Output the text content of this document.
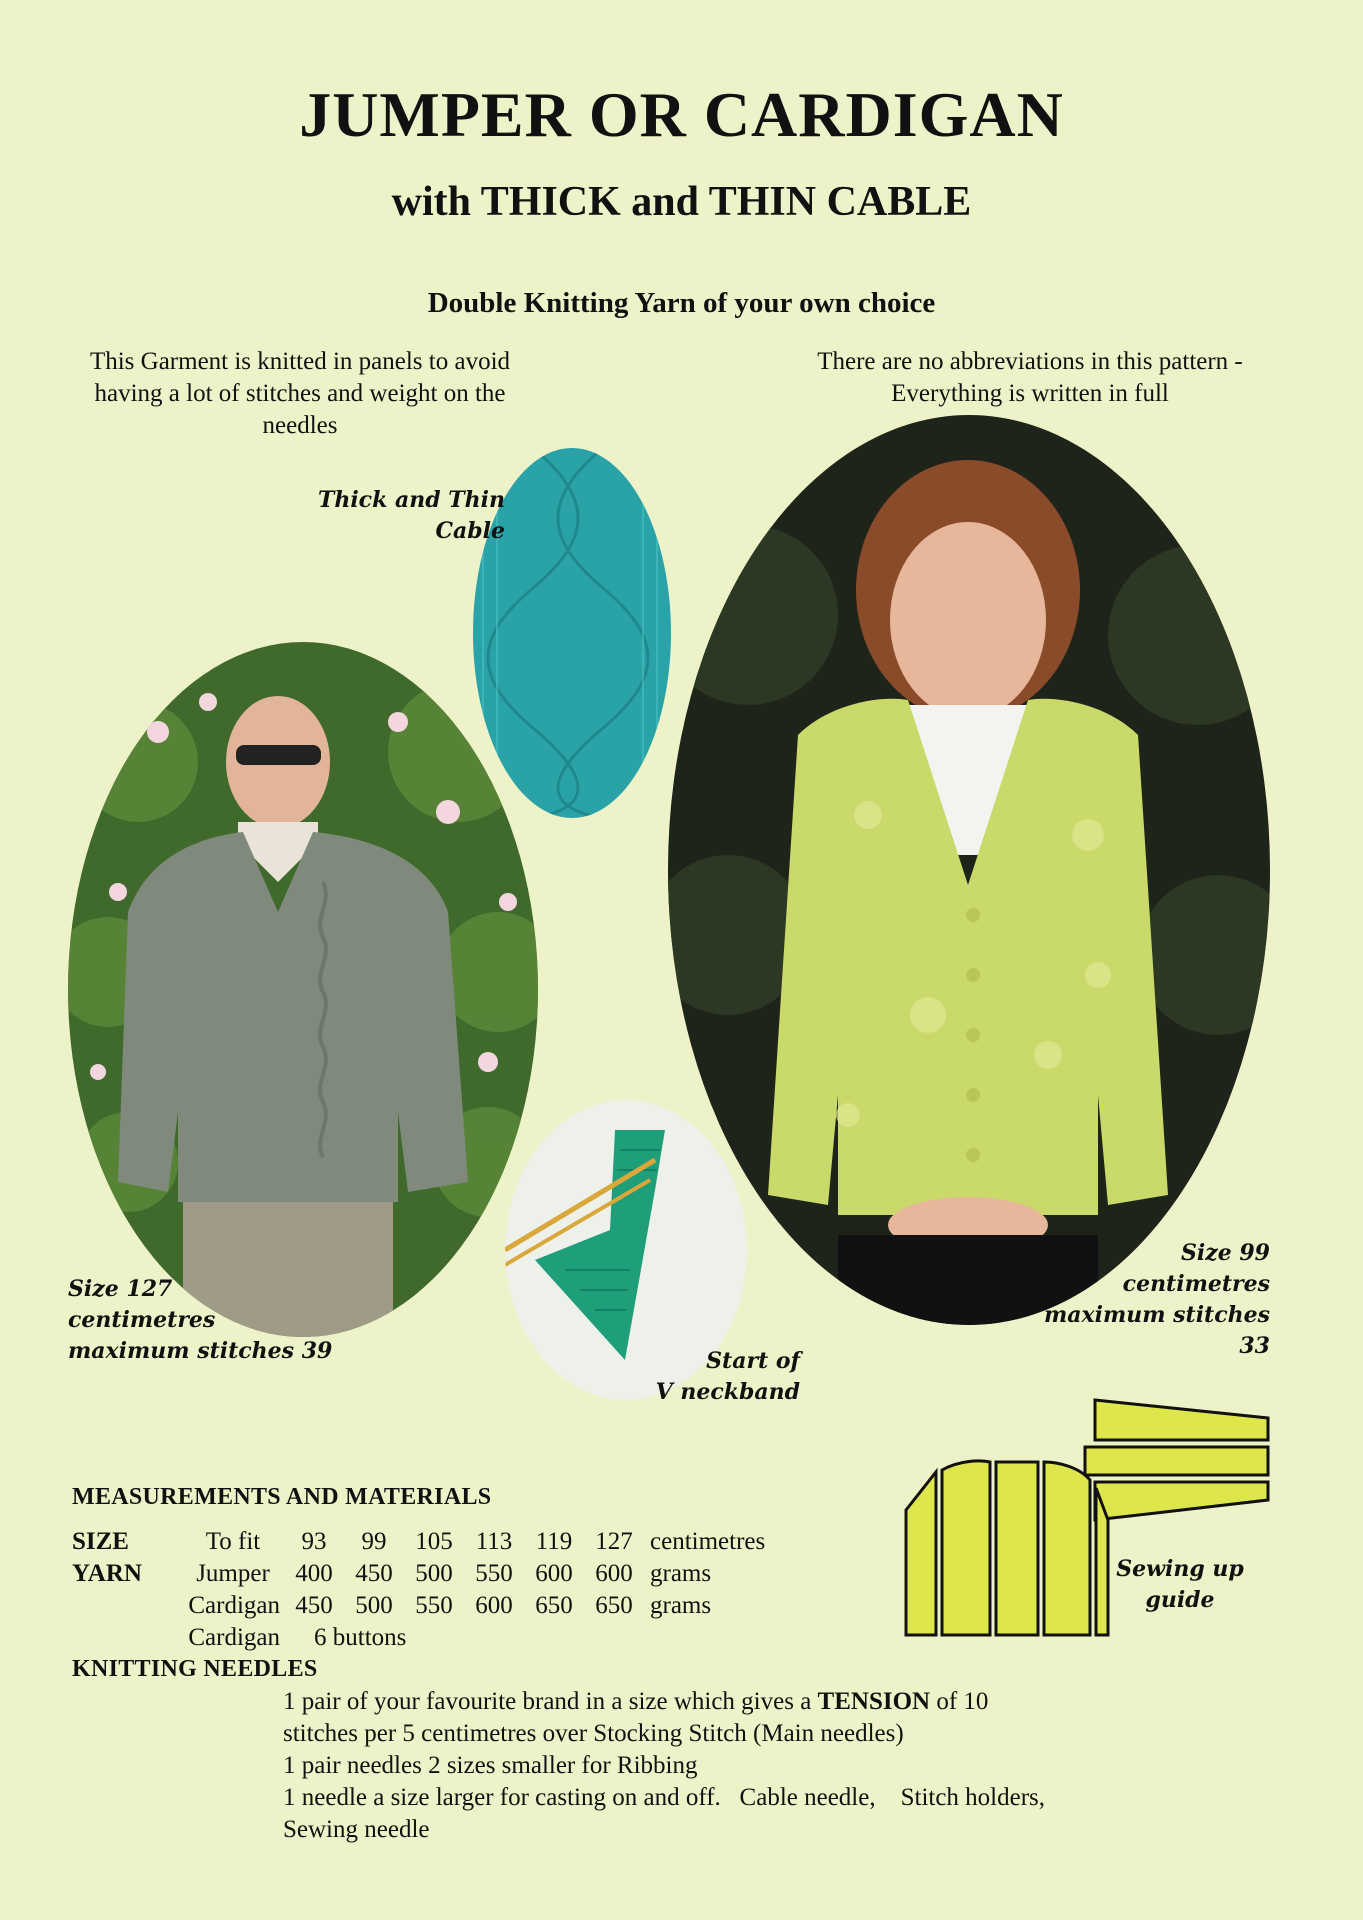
JUMPER OR CARDIGAN
with THICK and THIN CABLE
Double Knitting Yarn of your own choice
This Garment is knitted in panels to avoid
having a lot of stitches and weight on the
needles
There are no abbreviations in this pattern -
Everything is written in full
Thick and Thin
Cable
Size 127
centimetres
maximum stitches 39
Size 99
centimetres
maximum stitches 33
Start of
V neckband
Sewing up
guide
MEASUREMENTS AND MATERIALS
SIZE	To fit	93	99	105	113	119	127	centimetres
YARN	Jumper	400	450	500	550	600	600	grams
	Cardigan	450	500	550	600	650	650	grams
	Cardigan	6 buttons						
KNITTING NEEDLES
1 pair of your favourite brand in a size which gives a TENSION of 10
stitches per 5 centimetres over Stocking Stitch (Main needles)
1 pair needles 2 sizes smaller for Ribbing
1 needle a size larger for casting on and off.   Cable needle,    Stitch holders,
Sewing needle
